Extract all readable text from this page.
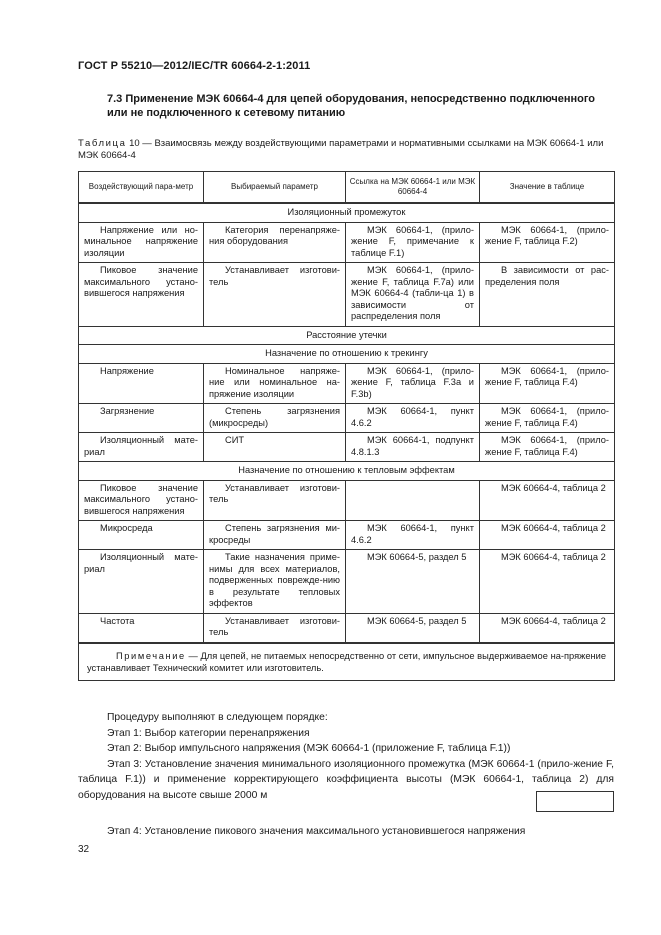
ГОСТ Р 55210—2012/IEC/TR 60664-2-1:2011
7.3 Применение МЭК 60664-4 для цепей оборудования, непосредственно подключенного или не подключенного к сетевому питанию
Таблица 10 — Взаимосвязь между воздействующими параметрами и нормативными ссылками на МЭК 60664-1 или МЭК 60664-4
Воздействующий пара-метр	Выбираемый параметр	Ссылка на МЭК 60664-1 или МЭК 60664-4	Значение в таблице
Изоляционный промежуток			
Напряжение или но-минальное напряжение изоляции	Категория перенапряже-ния оборудования	МЭК 60664-1, (прило-жение F, примечание к таблице F.1)	МЭК 60664-1, (прило-жение F, таблица F.2)
Пиковое значение максимального устано-вившегося напряжения	Устанавливает изготови-тель	МЭК 60664-1, (прило-жение F, таблица F.7a) или МЭК 60664-4 (табли-ца 1) в зависимости от распределения поля	В зависимости от рас-пределения поля
Расстояние утечки			
Назначение по отношению к трекингу			
Напряжение	Номинальное напряже-ние или номинальное на-пряжение изоляции	МЭК 60664-1, (прило-жение F, таблица F.3a и F.3b)	МЭК 60664-1, (прило-жение F, таблица F.4)
Загрязнение	Степень загрязнения (микросреды)	МЭК 60664-1, пункт 4.6.2	МЭК 60664-1, (прило-жение F, таблица F.4)
Изоляционный мате-риал	СИТ	МЭК 60664-1, подпункт 4.8.1.3	МЭК 60664-1, (прило-жение F, таблица F.4)
Назначение по отношению к тепловым эффектам			
Пиковое значение максимального устано-вившегося напряжения	Устанавливает изготови-тель		МЭК 60664-4, таблица 2
Микросреда	Степень загрязнения ми-кросреды	МЭК 60664-1, пункт 4.6.2	МЭК 60664-4, таблица 2
Изоляционный мате-риал	Такие назначения приме-нимы для всех материалов, подверженных поврежде-нию в результате тепловых эффектов	МЭК 60664-5, раздел 5	МЭК 60664-4, таблица 2
Частота	Устанавливает изготови-тель	МЭК 60664-5, раздел 5	МЭК 60664-4, таблица 2
Примечание — Для цепей, не питаемых непосредственно от сети, импульсное выдерживаемое на-пряжение устанавливает Технический комитет или изготовитель.			
Процедуру выполняют в следующем порядке:
Этап 1: Выбор категории перенапряжения
Этап 2: Выбор импульсного напряжения (МЭК 60664-1 (приложение F, таблица F.1))
Этап 3: Установление значения минимального изоляционного промежутка (МЭК 60664-1 (прило-жение F, таблица F.1)) и применение корректирующего коэффициента высоты (МЭК 60664-1, таблица 2) для оборудования на высоте свыше 2000 м
Этап 4: Установление пикового значения максимального установившегося напряжения
32
